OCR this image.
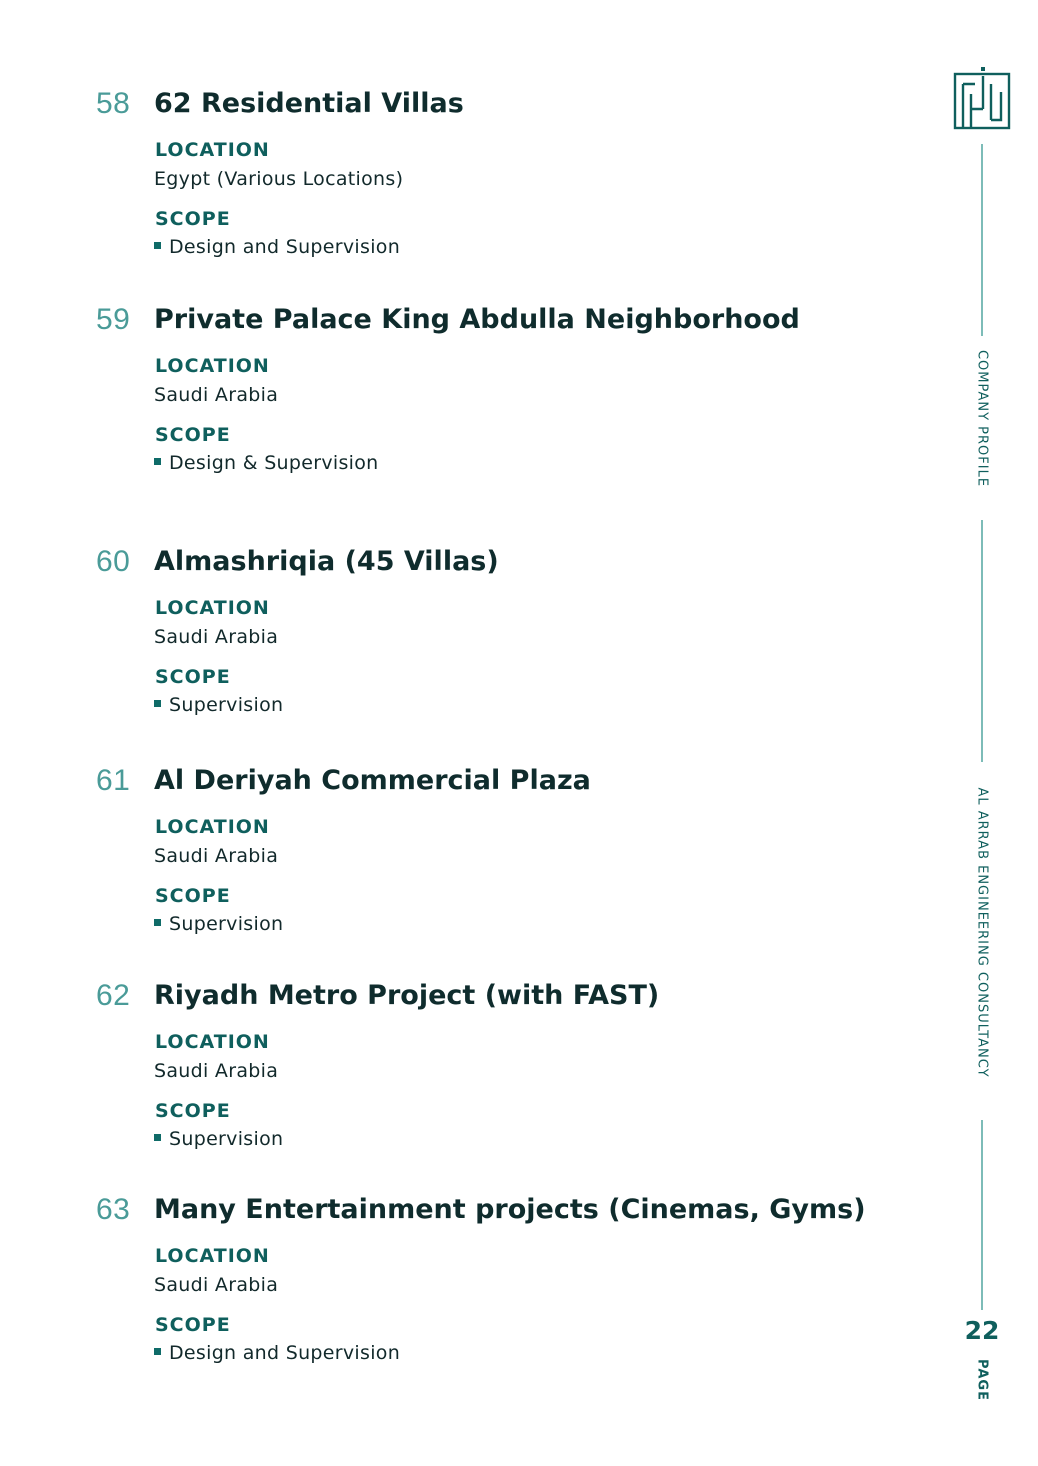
58 62 Residential Villas
LOCATION
Egypt (Various Locations)
SCOPE
Design and Supervision
59 Private Palace King Abdulla Neighborhood
LOCATION
Saudi Arabia
SCOPE
Design & Supervision
60 Almashriqia (45 Villas)
LOCATION
Saudi Arabia
SCOPE
Supervision
61 Al Deriyah Commercial Plaza
LOCATION
Saudi Arabia
SCOPE
Supervision
62 Riyadh Metro Project (with FAST)
LOCATION
Saudi Arabia
SCOPE
Supervision
63 Many Entertainment projects (Cinemas, Gyms)
LOCATION
Saudi Arabia
SCOPE
Design and Supervision
COMPANY PROFILE
AL ARRAB ENGINEERING CONSULTANCY
22
PAGE
